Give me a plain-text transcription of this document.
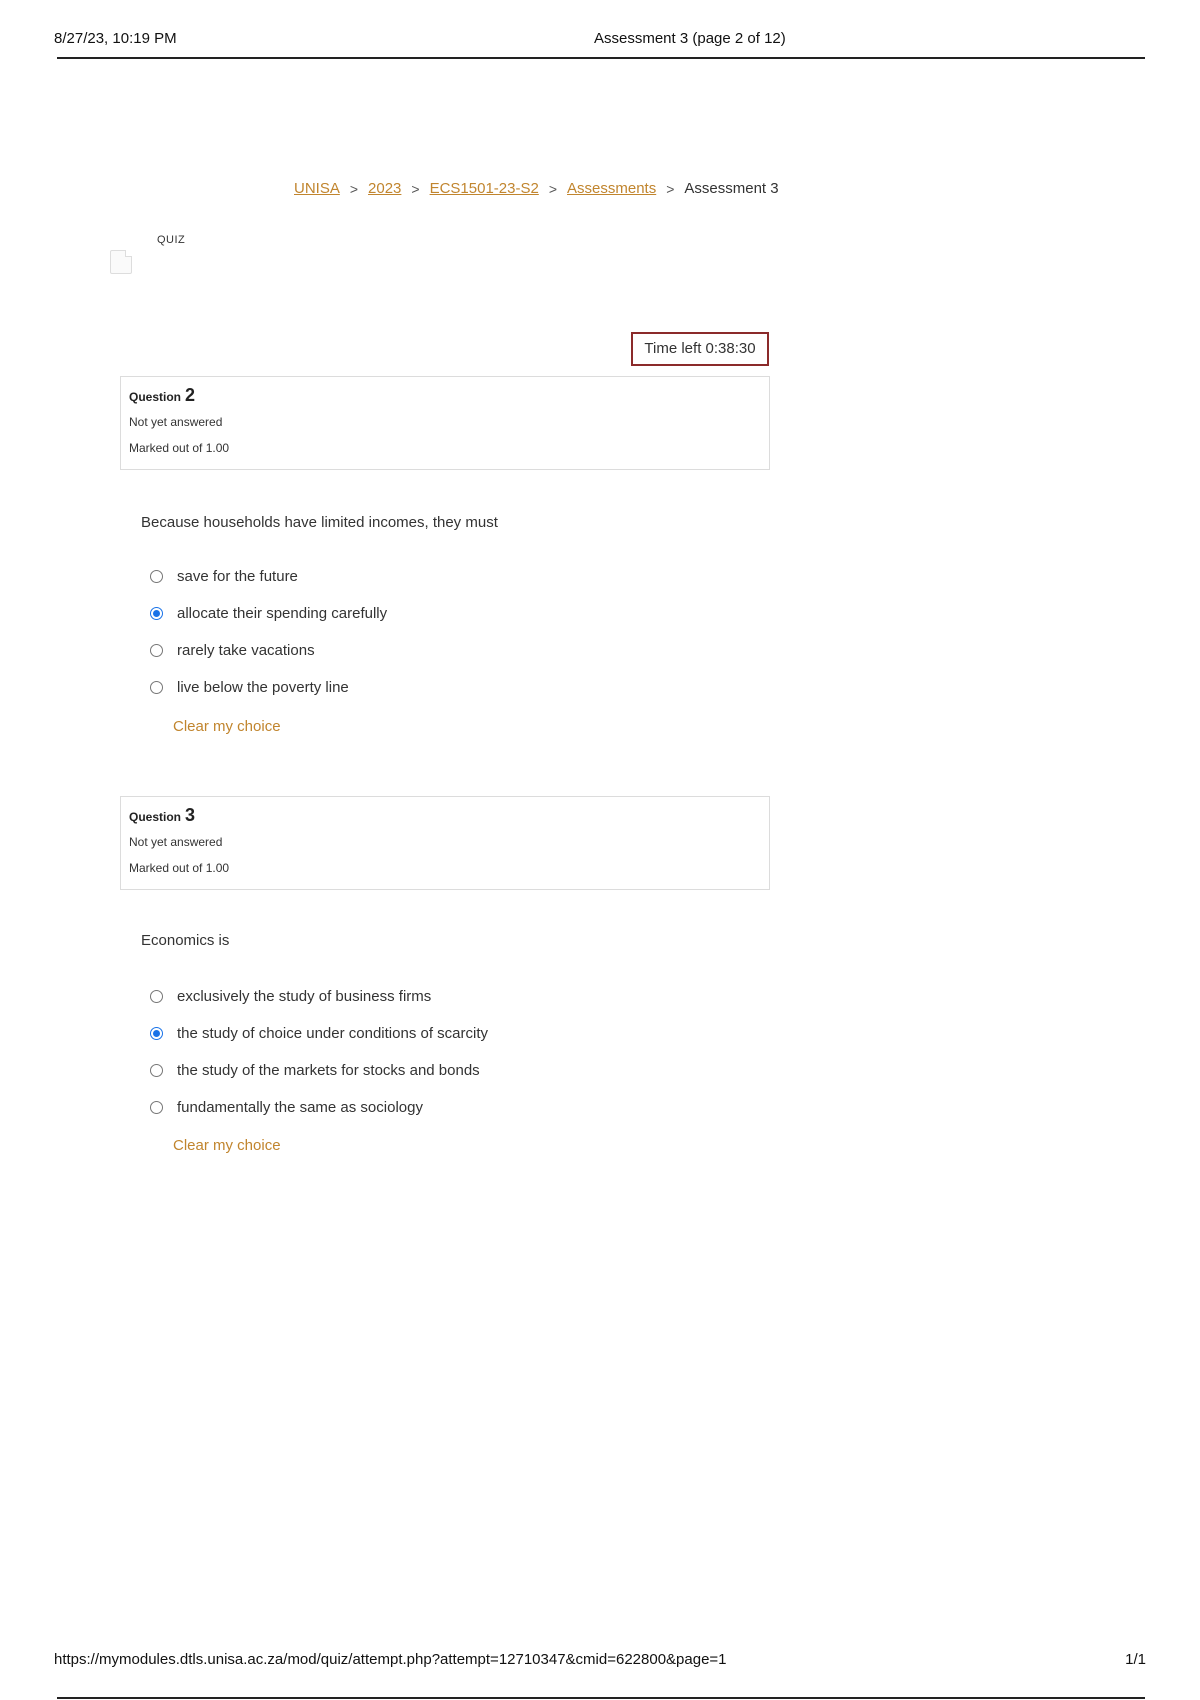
8/27/23, 10:19 PM	Assessment 3 (page 2 of 12)
UNISA > 2023 > ECS1501-23-S2 > Assessments > Assessment 3
QUIZ
Time left 0:38:30
Question 2
Not yet answered
Marked out of 1.00
Because households have limited incomes, they must
save for the future
allocate their spending carefully
rarely take vacations
live below the poverty line
Clear my choice
Question 3
Not yet answered
Marked out of 1.00
Economics is
exclusively the study of business firms
the study of choice under conditions of scarcity
the study of the markets for stocks and bonds
fundamentally the same as sociology
Clear my choice
https://mymodules.dtls.unisa.ac.za/mod/quiz/attempt.php?attempt=12710347&cmid=622800&page=1	1/1
